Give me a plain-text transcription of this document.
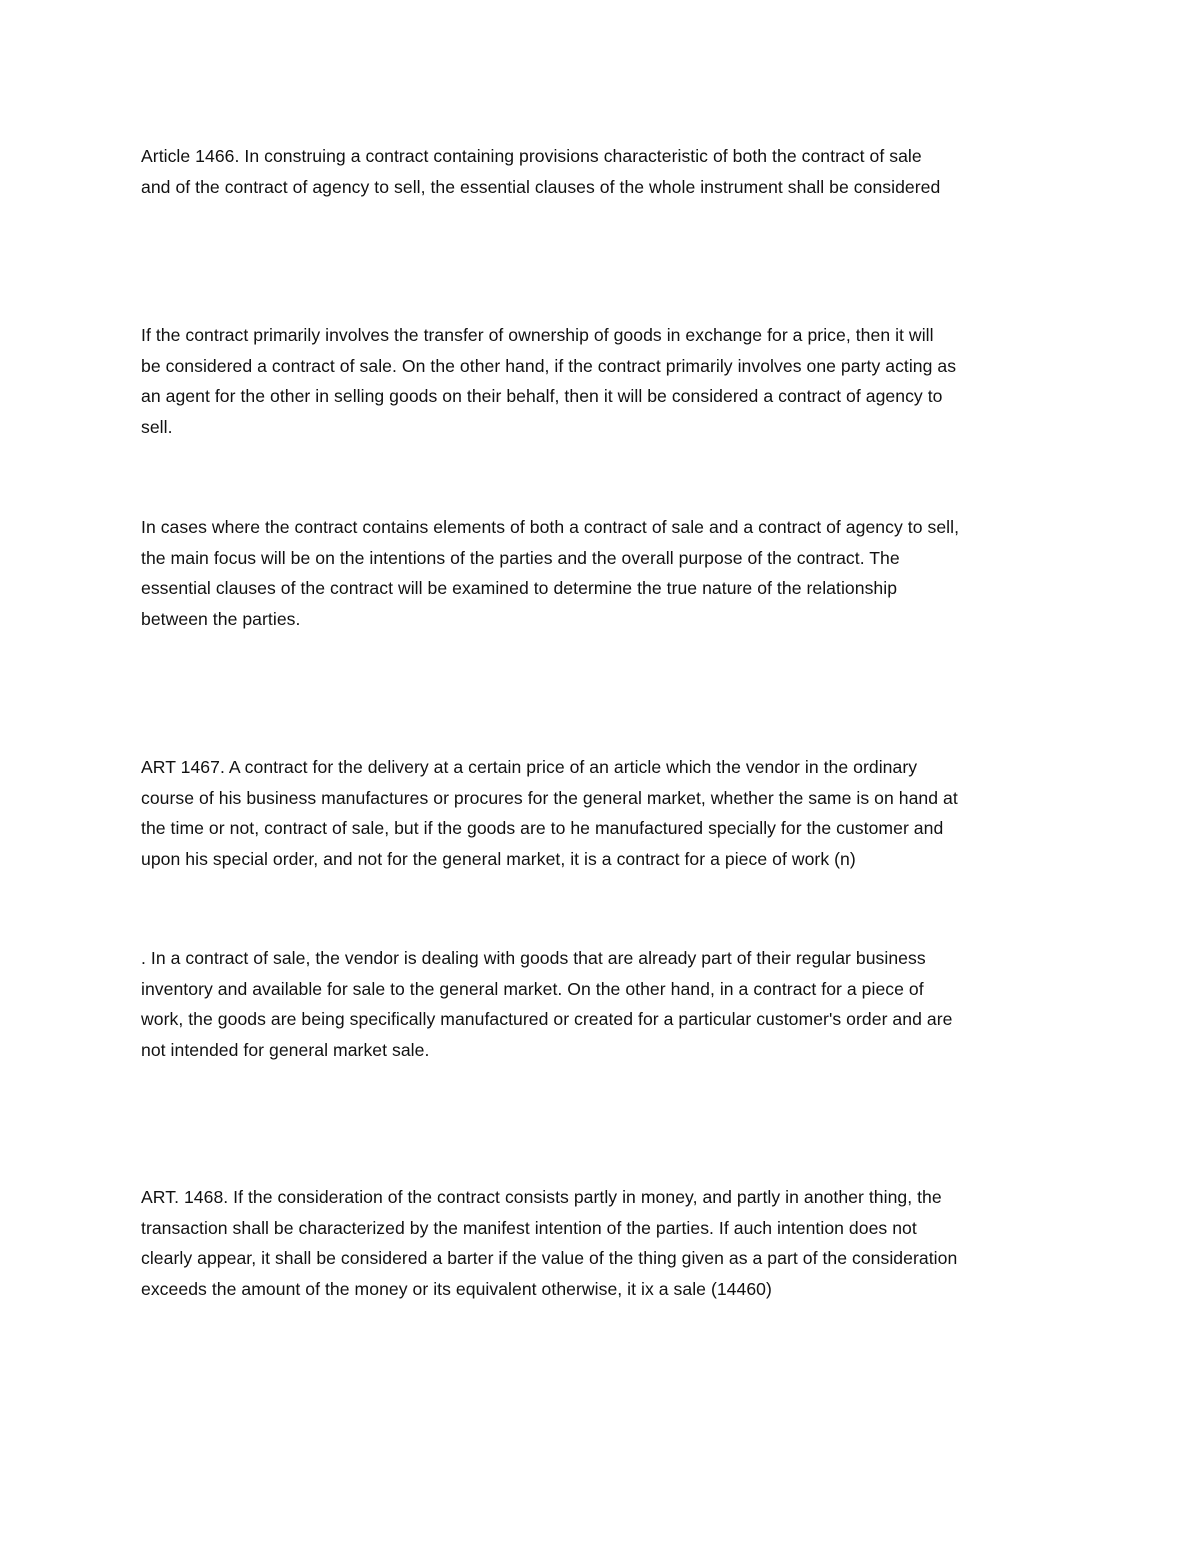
Article 1466. In construing a contract containing provisions characteristic of both the contract of sale
and of the contract of agency to sell, the essential clauses of the whole instrument shall be considered
If the contract primarily involves the transfer of ownership of goods in exchange for a price, then it will
be considered a contract of sale. On the other hand, if the contract primarily involves one party acting as
an agent for the other in selling goods on their behalf, then it will be considered a contract of agency to
sell.
In cases where the contract contains elements of both a contract of sale and a contract of agency to sell,
the main focus will be on the intentions of the parties and the overall purpose of the contract. The
essential clauses of the contract will be examined to determine the true nature of the relationship
between the parties.
ART 1467. A contract for the delivery at a certain price of an article which the vendor in the ordinary
course of his business manufactures or procures for the general market, whether the same is on hand at
the time or not, contract of sale, but if the goods are to he manufactured specially for the customer and
upon his special order, and not for the general market, it is a contract for a piece of work (n)
. In a contract of sale, the vendor is dealing with goods that are already part of their regular business
inventory and available for sale to the general market. On the other hand, in a contract for a piece of
work, the goods are being specifically manufactured or created for a particular customer's order and are
not intended for general market sale.
ART. 1468. If the consideration of the contract consists partly in money, and partly in another thing, the
transaction shall be characterized by the manifest intention of the parties. If auch intention does not
clearly appear, it shall be considered a barter if the value of the thing given as a part of the consideration
exceeds the amount of the money or its equivalent otherwise, it ix a sale (14460)
